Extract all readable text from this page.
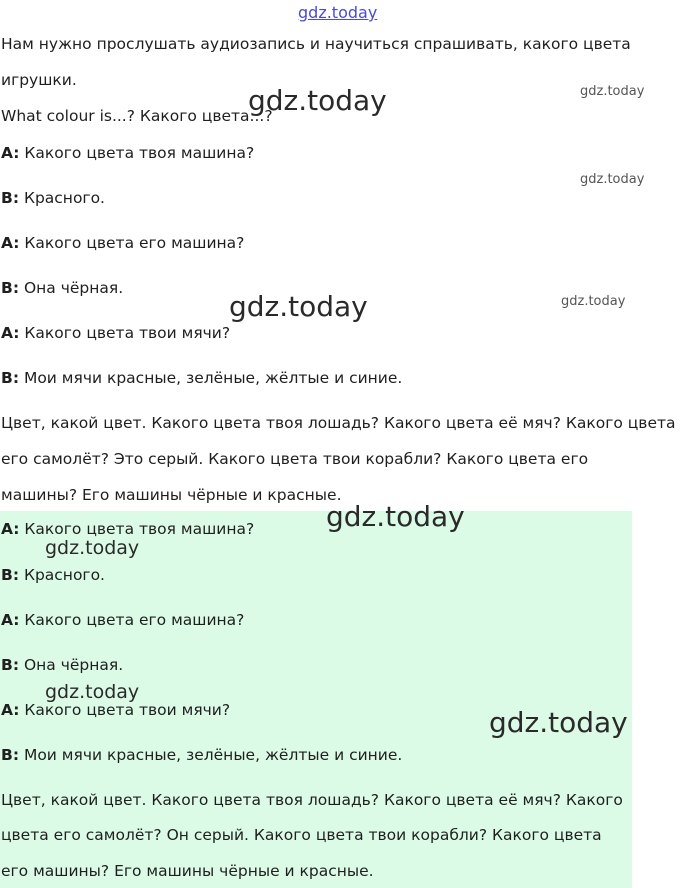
gdz.today
Нам нужно прослушать аудиозапись и научиться спрашивать, какого цвета
игрушки.
What colour is...? Какого цвета...?
A: Какого цвета твоя машина?
B: Красного.
A: Какого цвета его машина?
B: Она чёрная.
A: Какого цвета твои мячи?
B: Мои мячи красные, зелёные, жёлтые и синие.
Цвет, какой цвет. Какого цвета твоя лошадь? Какого цвета её мяч? Какого цвета
его самолёт? Это серый. Какого цвета твои корабли? Какого цвета его
машины? Его машины чёрные и красные.
A: Какого цвета твоя машина?
B: Красного.
A: Какого цвета его машина?
B: Она чёрная.
A: Какого цвета твои мячи?
B: Мои мячи красные, зелёные, жёлтые и синие.
Цвет, какой цвет. Какого цвета твоя лошадь? Какого цвета её мяч? Какого
цвета его самолёт? Он серый. Какого цвета твои корабли? Какого цвета
его машины? Его машины чёрные и красные.
gdz.today	gdz.today
gdz.today
gdz.today	gdz.today
gdz.today
gdz.today
gdz.today
gdz.today
